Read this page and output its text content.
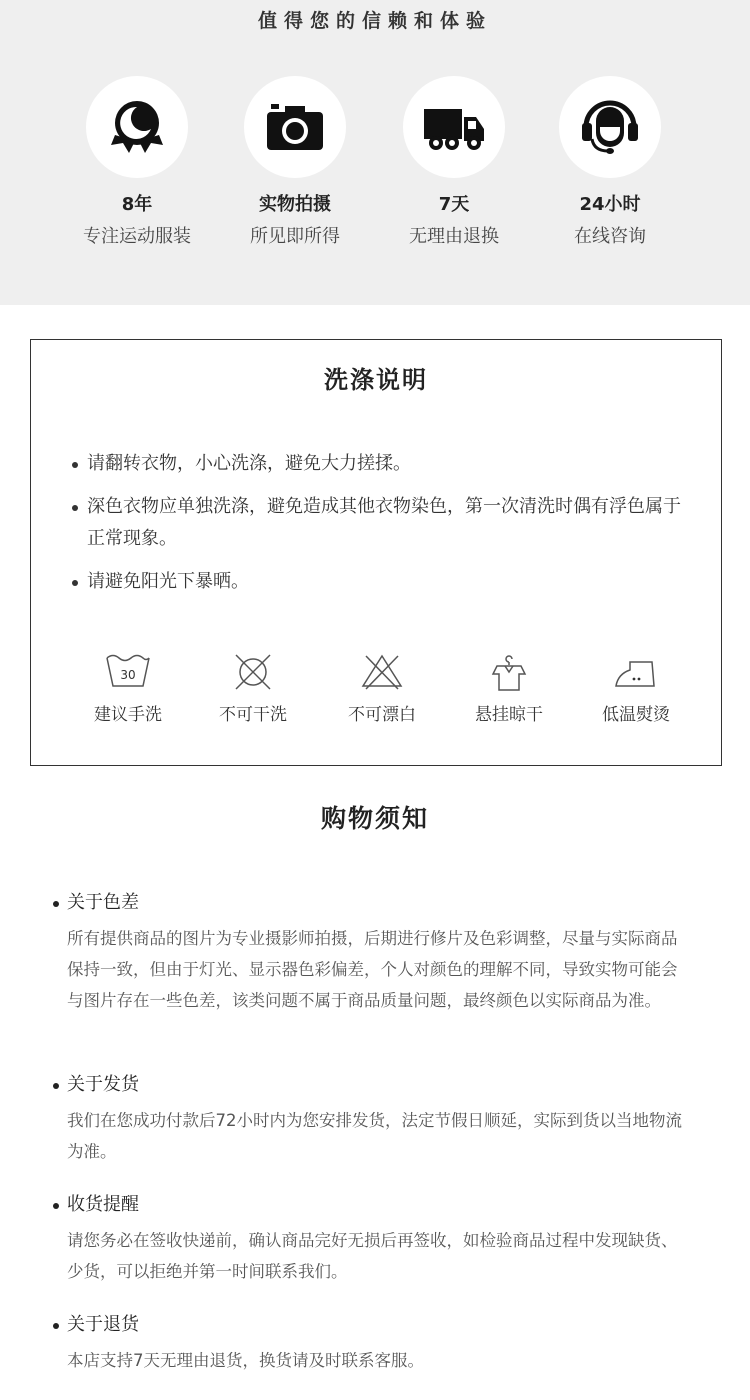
值得您的信赖和体验
8年
专注运动服装
实物拍摄
所见即所得
7天
无理由退换
24小时
在线咨询
洗涤说明
请翻转衣物，小心洗涤，避免大力搓揉。
深色衣物应单独洗涤，避免造成其他衣物染色，第一次清洗时偶有浮色属于正常现象。
请避免阳光下暴晒。
30
建议手洗	不可干洗	不可漂白	悬挂晾干	低温熨烫
购物须知
关于色差
所有提供商品的图片为专业摄影师拍摄，后期进行修片及色彩调整，尽量与实际商品保持一致，但由于灯光、显示器色彩偏差，个人对颜色的理解不同，导致实物可能会与图片存在一些色差，该类问题不属于商品质量问题，最终颜色以实际商品为准。
关于发货
我们在您成功付款后72小时内为您安排发货，法定节假日顺延，实际到货以当地物流为准。
收货提醒
请您务必在签收快递前，确认商品完好无损后再签收，如检验商品过程中发现缺货、少货，可以拒绝并第一时间联系我们。
关于退货
本店支持7天无理由退货，换货请及时联系客服。
